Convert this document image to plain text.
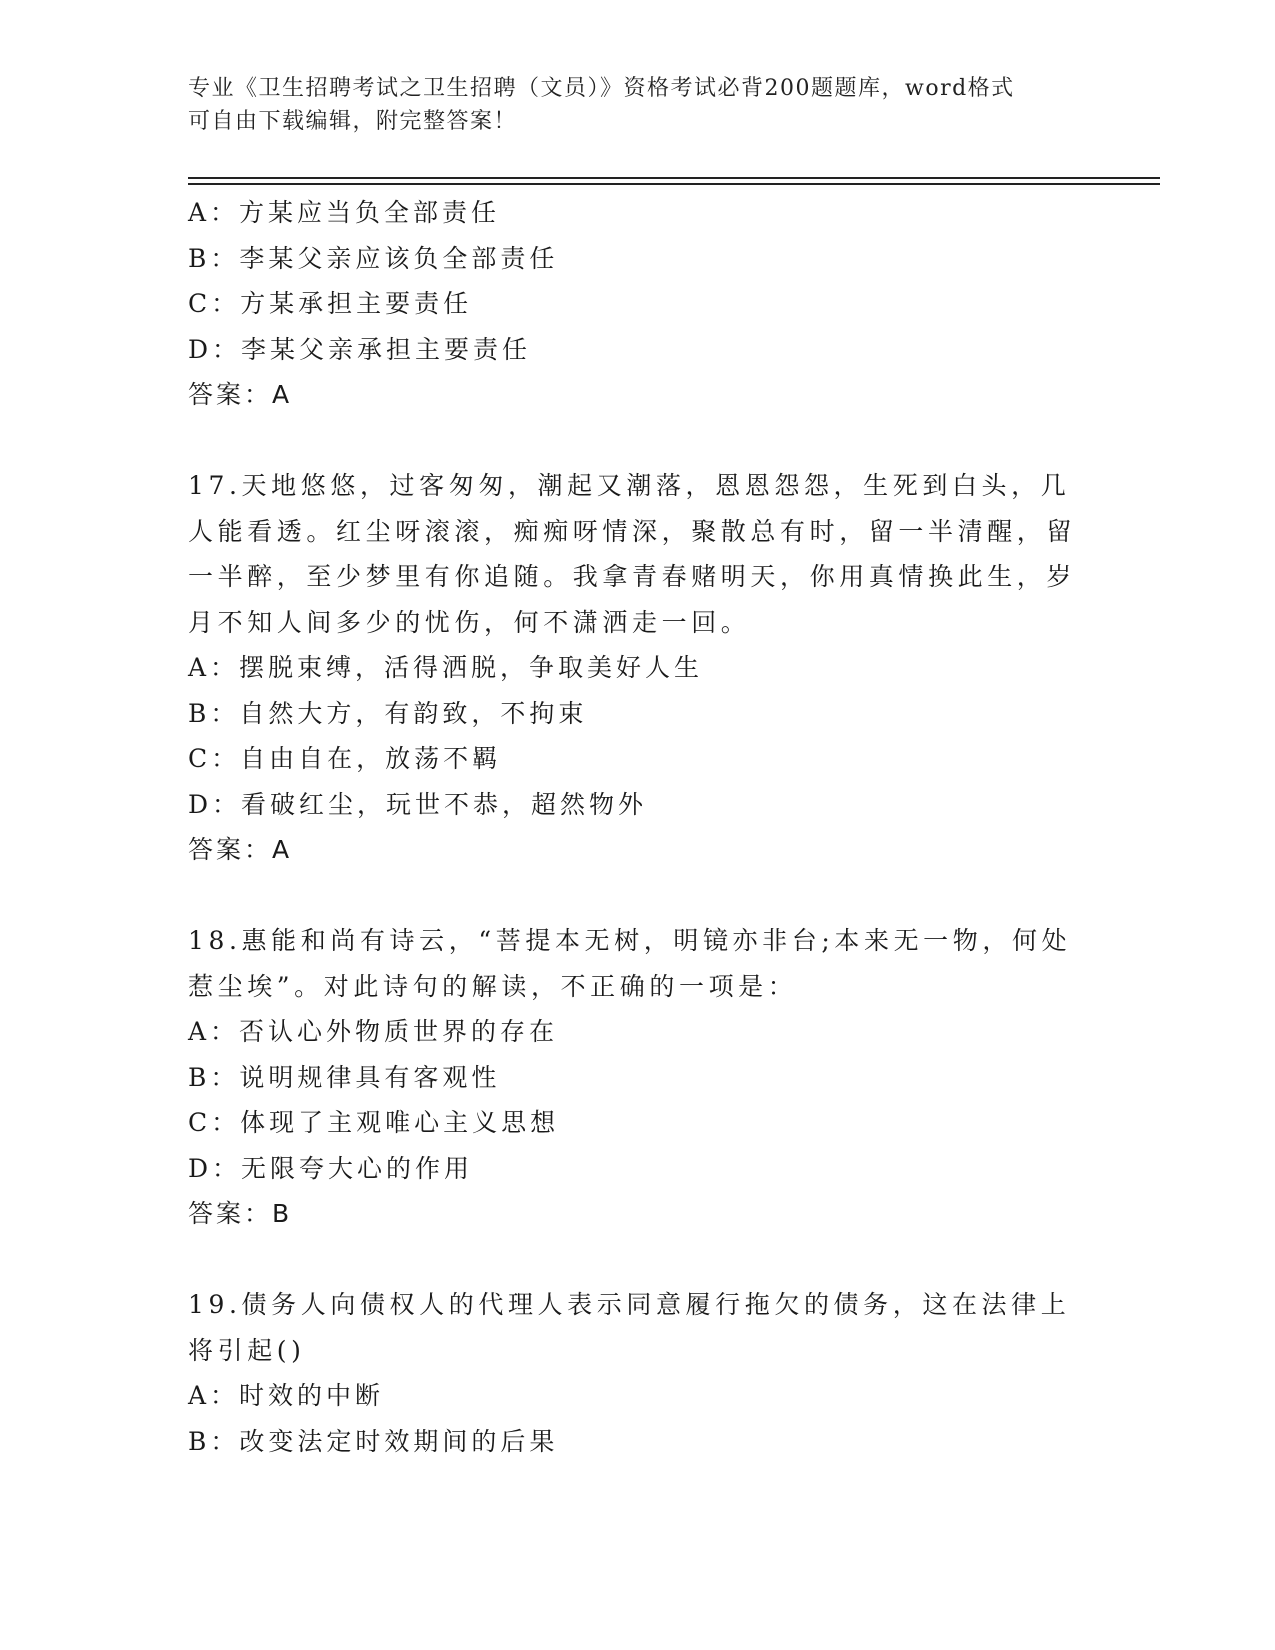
专业《卫生招聘考试之卫生招聘（文员）》资格考试必背200题题库，word格式
可自由下载编辑，附完整答案！
A：方某应当负全部责任
B：李某父亲应该负全部责任
C：方某承担主要责任
D：李某父亲承担主要责任
答案：A
17.天地悠悠，过客匆匆，潮起又潮落，恩恩怨怨，生死到白头，几人能看透。红尘呀滚滚，痴痴呀情深，聚散总有时，留一半清醒，留一半醉，至少梦里有你追随。我拿青春赌明天，你用真情换此生，岁月不知人间多少的忧伤，何不潇洒走一回。
A：摆脱束缚，活得洒脱，争取美好人生
B：自然大方，有韵致，不拘束
C：自由自在，放荡不羁
D：看破红尘，玩世不恭，超然物外
答案：A
18.惠能和尚有诗云，“菩提本无树，明镜亦非台;本来无一物，何处惹尘埃”。对此诗句的解读，不正确的一项是：
A：否认心外物质世界的存在
B：说明规律具有客观性
C：体现了主观唯心主义思想
D：无限夸大心的作用
答案：B
19.债务人向债权人的代理人表示同意履行拖欠的债务，这在法律上将引起()
A：时效的中断
B：改变法定时效期间的后果
